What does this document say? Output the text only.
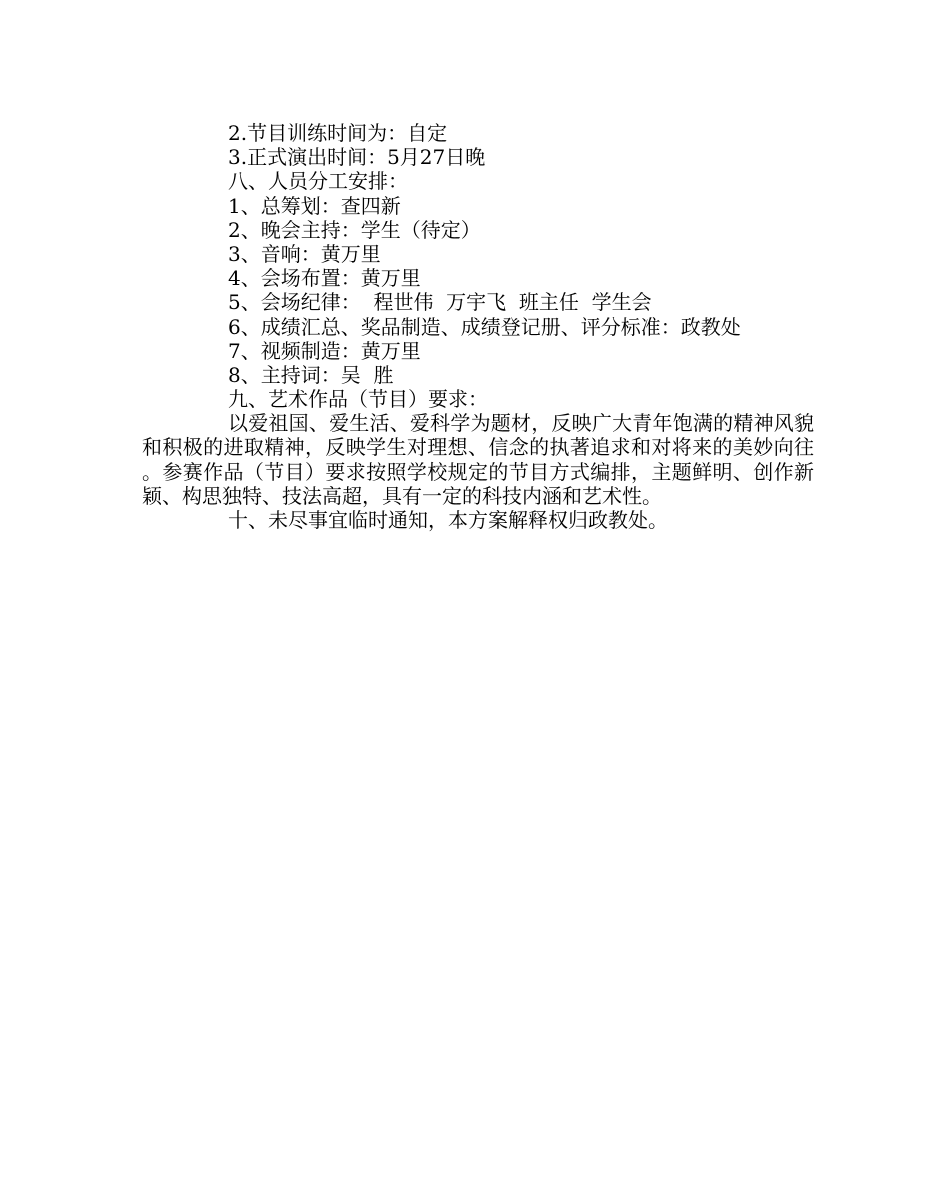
2.节目训练时间为：自定

3.正式演出时间：5月27日晚

八、人员分工安排：

1、总筹划：查四新

2、晚会主持：学生（待定）

3、音响：黄万里

4、会场布置：黄万里

5、会场纪律：  程世伟  万宇飞  班主任  学生会

6、成绩汇总、奖品制造、成绩登记册、评分标准：政教处

7、视频制造：黄万里

8、主持词：吴  胜

九、艺术作品（节目）要求：

以爱祖国、爱生活、爱科学为题材，反映广大青年饱满的精神风貌和积极的进取精神，反映学生对理想、信念的执著追求和对将来的美妙向往。参赛作品（节目）要求按照学校规定的节目方式编排，主题鲜明、创作新颖、构思独特、技法高超，具有一定的科技内涵和艺术性。

十、未尽事宜临时通知，本方案解释权归政教处。
